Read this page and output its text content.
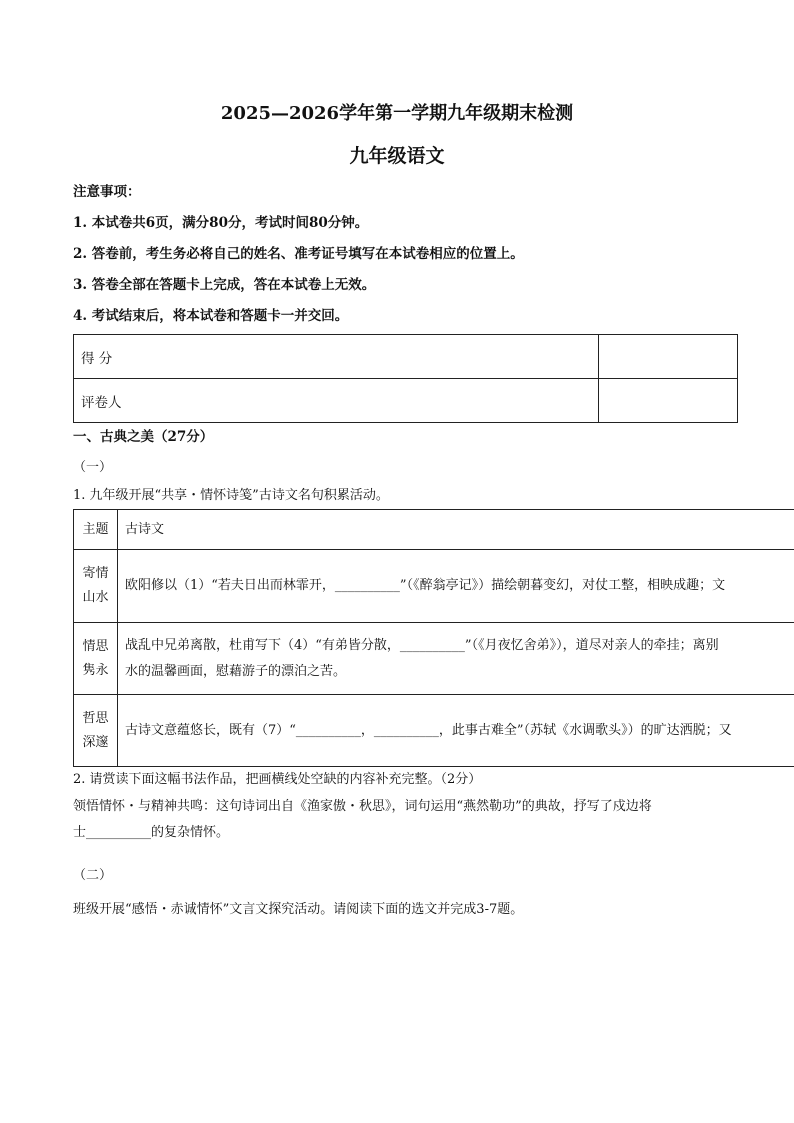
2025—2026学年第一学期九年级期末检测
九年级语文
注意事项：
1. 本试卷共6页，满分80分，考试时间80分钟。
2. 答卷前，考生务必将自己的姓名、准考证号填写在本试卷相应的位置上。
3. 答卷全部在答题卡上完成，答在本试卷上无效。
4. 考试结束后，将本试卷和答题卡一并交回。
得 分	
评卷人	
一、古典之美（27分）
（一）
1. 九年级开展“共享・情怀诗笺”古诗文名句积累活动。
主题	古诗文
寄情
山水	欧阳修以（1）“若夫日出而林霏开，__________”（《醉翁亭记》）描绘朝暮变幻，对仗工整，相映成趣；文
情思
隽永	战乱中兄弟离散，杜甫写下（4）“有弟皆分散，__________”（《月夜忆舍弟》），道尽对亲人的牵挂；离别
水的温馨画面，慰藉游子的漂泊之苦。
哲思
深邃	古诗文意蕴悠长，既有（7）“__________，__________，此事古难全”（苏轼《水调歌头》）的旷达洒脱；又
2. 请赏读下面这幅书法作品，把画横线处空缺的内容补充完整。（2分）
领悟情怀・与精神共鸣：这句诗词出自《渔家傲・秋思》，词句运用“燕然勒功”的典故，抒写了戍边将
士__________的复杂情怀。
（二）
班级开展“感悟・赤诚情怀”文言文探究活动。请阅读下面的选文并完成3-7题。
